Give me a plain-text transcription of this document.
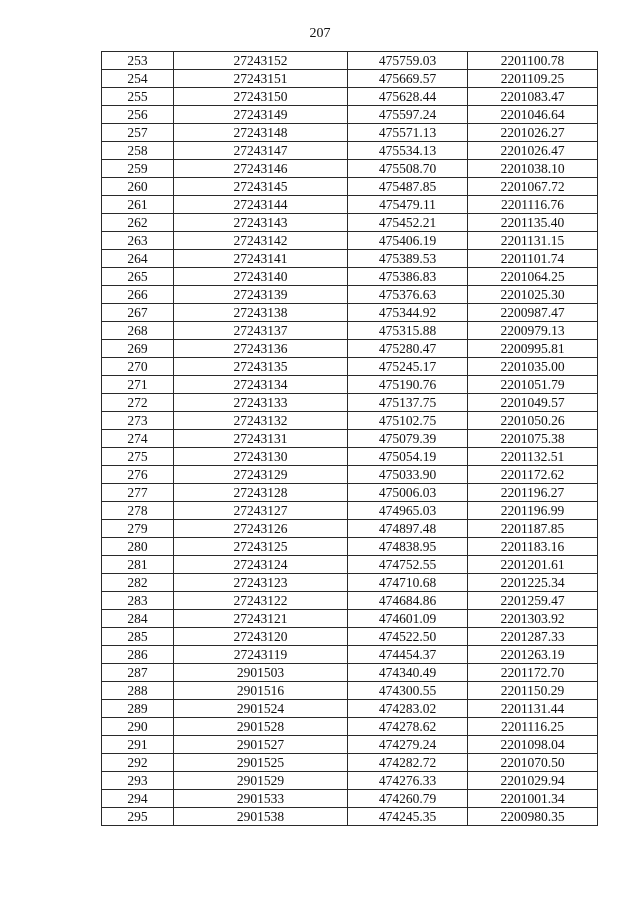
207
253	27243152	475759.03	2201100.78
254	27243151	475669.57	2201109.25
255	27243150	475628.44	2201083.47
256	27243149	475597.24	2201046.64
257	27243148	475571.13	2201026.27
258	27243147	475534.13	2201026.47
259	27243146	475508.70	2201038.10
260	27243145	475487.85	2201067.72
261	27243144	475479.11	2201116.76
262	27243143	475452.21	2201135.40
263	27243142	475406.19	2201131.15
264	27243141	475389.53	2201101.74
265	27243140	475386.83	2201064.25
266	27243139	475376.63	2201025.30
267	27243138	475344.92	2200987.47
268	27243137	475315.88	2200979.13
269	27243136	475280.47	2200995.81
270	27243135	475245.17	2201035.00
271	27243134	475190.76	2201051.79
272	27243133	475137.75	2201049.57
273	27243132	475102.75	2201050.26
274	27243131	475079.39	2201075.38
275	27243130	475054.19	2201132.51
276	27243129	475033.90	2201172.62
277	27243128	475006.03	2201196.27
278	27243127	474965.03	2201196.99
279	27243126	474897.48	2201187.85
280	27243125	474838.95	2201183.16
281	27243124	474752.55	2201201.61
282	27243123	474710.68	2201225.34
283	27243122	474684.86	2201259.47
284	27243121	474601.09	2201303.92
285	27243120	474522.50	2201287.33
286	27243119	474454.37	2201263.19
287	2901503	474340.49	2201172.70
288	2901516	474300.55	2201150.29
289	2901524	474283.02	2201131.44
290	2901528	474278.62	2201116.25
291	2901527	474279.24	2201098.04
292	2901525	474282.72	2201070.50
293	2901529	474276.33	2201029.94
294	2901533	474260.79	2201001.34
295	2901538	474245.35	2200980.35
